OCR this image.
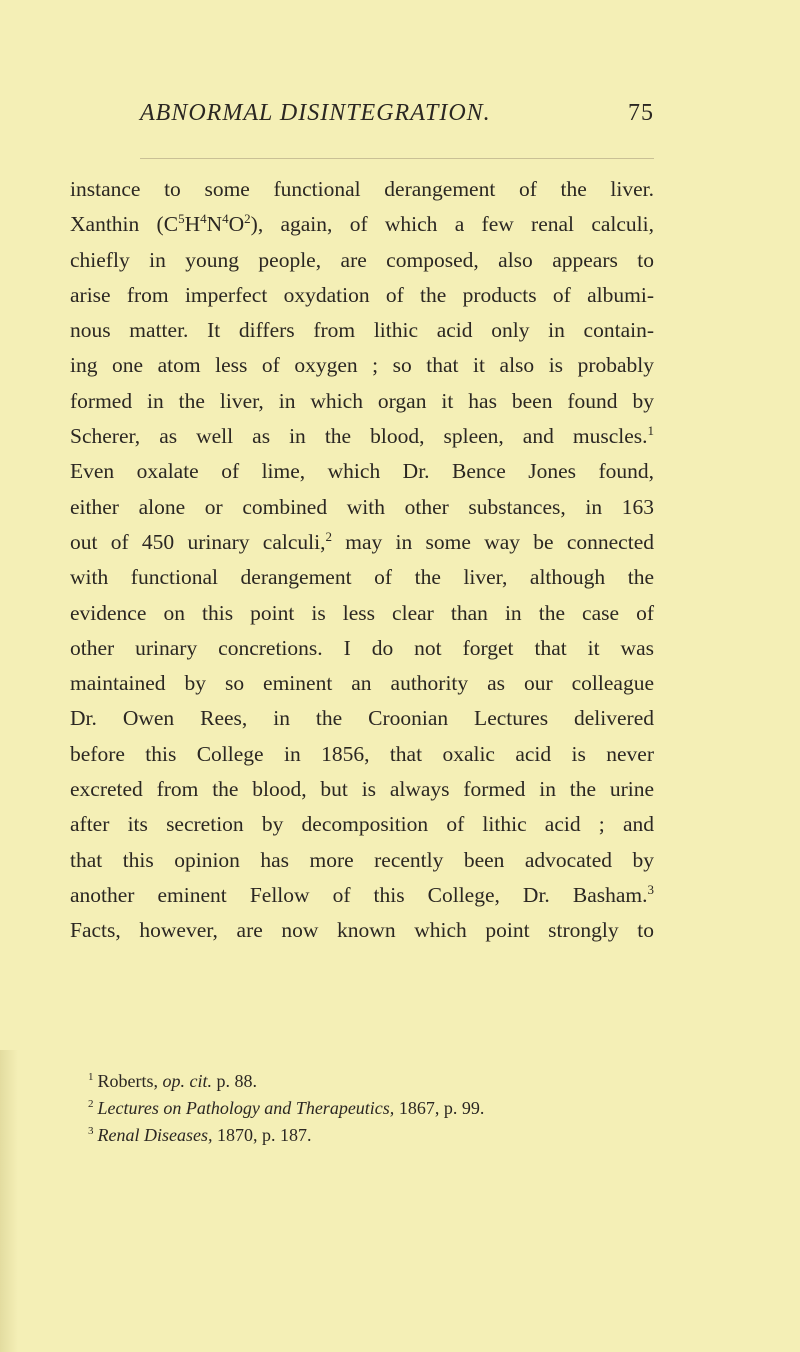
ABNORMAL DISINTEGRATION.	75
instance to some functional derangement of the liver.
Xanthin $(C^5H^4N^4O^2)$, again, of which a few renal calculi,
chiefly in young people, are composed, also appears to
arise from imperfect oxydation of the products of albumi-
nous matter. It differs from lithic acid only in contain-
ing one atom less of oxygen ; so that it also is probably
formed in the liver, in which organ it has been found by
Scherer, as well as in the blood, spleen, and muscles.$^1$
Even oxalate of lime, which Dr. Bence Jones found,
either alone or combined with other substances, in 163
out of 450 urinary calculi,$^2$ may in some way be connected
with functional derangement of the liver, although the
evidence on this point is less clear than in the case of
other urinary concretions. I do not forget that it was
maintained by so eminent an authority as our colleague
Dr. Owen Rees, in the Croonian Lectures delivered
before this College in 1856, that oxalic acid is never
excreted from the blood, but is always formed in the urine
after its secretion by decomposition of lithic acid ; and
that this opinion has more recently been advocated by
another eminent Fellow of this College, Dr. Basham.$^3$
Facts, however, are now known which point strongly to
$^1$ Roberts, op. cit. p. 88.
$^2$ Lectures on Pathology and Therapeutics, 1867, p. 99.
$^3$ Renal Diseases, 1870, p. 187.
